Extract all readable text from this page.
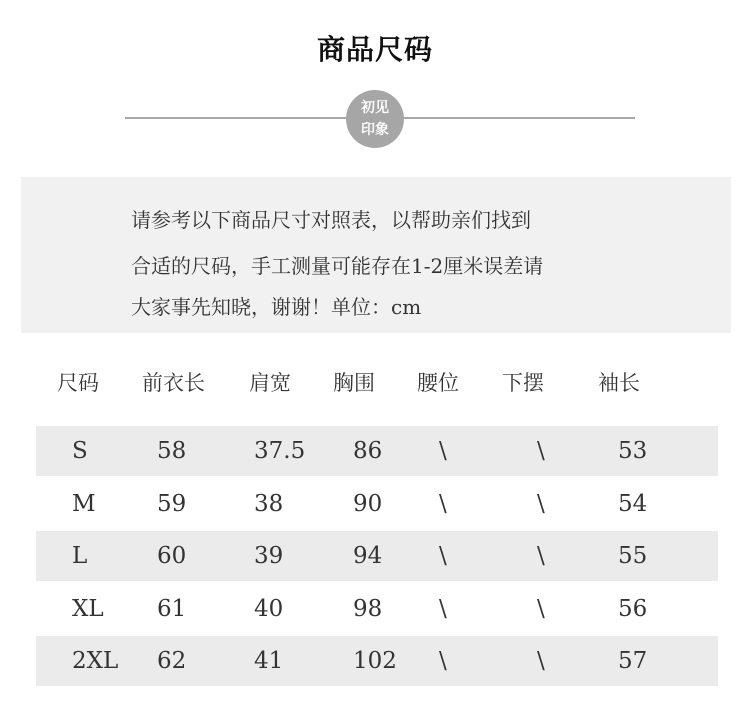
商品尺码
初见
印象
请参考以下商品尺寸对照表，以帮助亲们找到
合适的尺码，手工测量可能存在1-2厘米误差请
大家事先知晓，谢谢！单位：cm
尺码 前衣长 肩宽 胸围 腰位 下摆	袖长
S	58	37.5 86 \	\	53
M	59	38	90 \	\	54
L	60	39	94 \	\	55
XL 61	40	98 \	\	56
2XL 62	41	102 \	\	57
